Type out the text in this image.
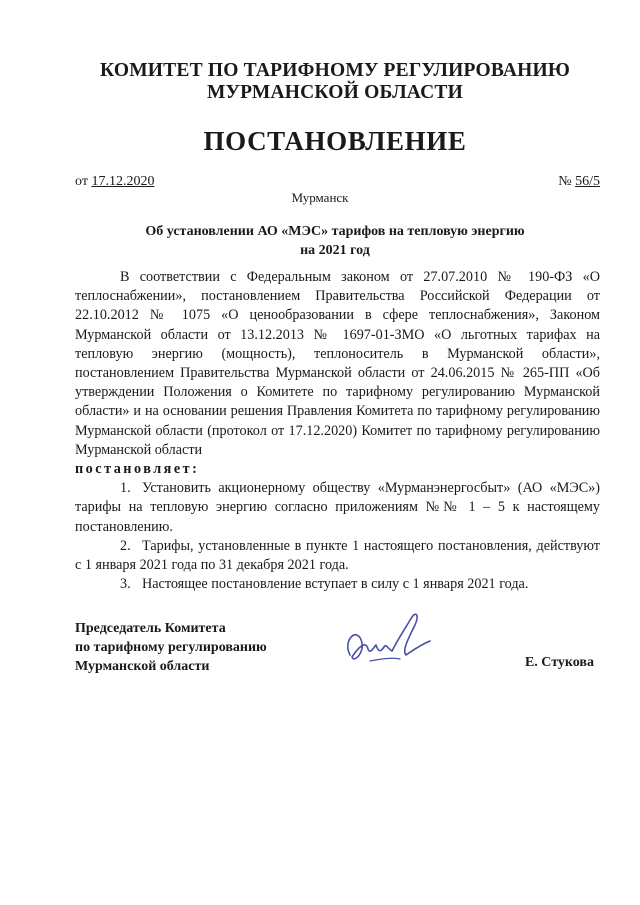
КОМИТЕТ ПО ТАРИФНОМУ РЕГУЛИРОВАНИЮ
МУРМАНСКОЙ ОБЛАСТИ
ПОСТАНОВЛЕНИЕ
от 17.12.2020	№ 56/5
Мурманск
Об установлении АО «МЭС» тарифов на тепловую энергию
на 2021 год

В соответствии с Федеральным законом от 27.07.2010 № 190-ФЗ «О теплоснабжении», постановлением Правительства Российской Федерации от 22.10.2012 № 1075 «О ценообразовании в сфере теплоснабжения», Законом Мурманской области от 13.12.2013 № 1697-01-ЗМО «О льготных тарифах на тепловую энергию (мощность), теплоноситель в Мурманской области», постановлением Правительства Мурманской области от 24.06.2015 № 265-ПП «Об утверждении Положения о Комитете по тарифному регулированию Мурманской области» и на основании решения Правления Комитета по тарифному регулированию Мурманской области (протокол от 17.12.2020) Комитет по тарифному регулированию Мурманской области

постановляет:

1. Установить акционерному обществу «Мурманэнергосбыт» (АО «МЭС») тарифы на тепловую энергию согласно приложениям №№ 1 – 5 к настоящему постановлению.

2. Тарифы, установленные в пункте 1 настоящего постановления, действуют с 1 января 2021 года по 31 декабря 2021 года.

3. Настоящее постановление вступает в силу с 1 января 2021 года.

Председатель Комитета
по тарифному регулированию
Мурманской области	Е. Стукова
